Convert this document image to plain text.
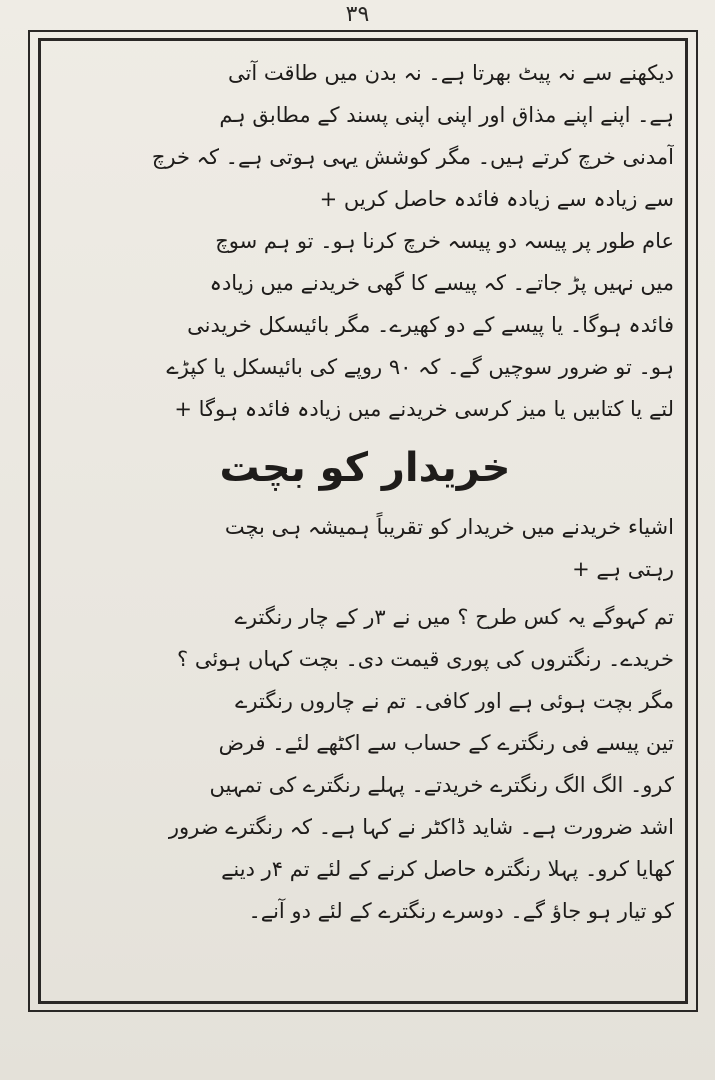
۳۹
دیکھنے سے نہ پیٹ بھرتا ہے۔ نہ بدن میں طاقت آتی
ہے۔ اپنے اپنے مذاق اور اپنی اپنی پسند کے مطابق ہم
آمدنی خرچ کرتے ہیں۔ مگر کوشش یہی ہوتی ہے۔ کہ خرچ
سے زیادہ سے زیادہ فائدہ حاصل کریں +
عام طور پر پیسہ دو پیسہ خرچ کرنا ہو۔ تو ہم سوچ
میں نہیں پڑ جاتے۔ کہ پیسے کا گھی خریدنے میں زیادہ
فائدہ ہوگا۔ یا پیسے کے دو کھیرے۔ مگر بائیسکل خریدنی
ہو۔ تو ضرور سوچیں گے۔ کہ ۹۰ روپے کی بائیسکل یا کپڑے
لتے یا کتابیں یا میز کرسی خریدنے میں زیادہ فائدہ ہوگا +
خریدار کو بچت
اشیاء خریدنے میں خریدار کو تقریباً ہمیشہ ہی بچت
رہتی ہے +
تم کہوگے یہ کس طرح ؟ میں نے ۳ر کے چار رنگترے
خریدے۔ رنگتروں کی پوری قیمت دی۔ بچت کہاں ہوئی ؟
مگر بچت ہوئی ہے اور کافی۔ تم نے چاروں رنگترے
تین پیسے فی رنگترے کے حساب سے اکٹھے لئے۔ فرض
کرو۔ الگ الگ رنگترے خریدتے۔ پہلے رنگترے کی تمہیں
اشد ضرورت ہے۔ شاید ڈاکٹر نے کہا ہے۔ کہ رنگترے ضرور
کھایا کرو۔ پہلا رنگترہ حاصل کرنے کے لئے تم ۴ر دینے
کو تیار ہو جاؤ گے۔ دوسرے رنگترے کے لئے دو آنے۔
